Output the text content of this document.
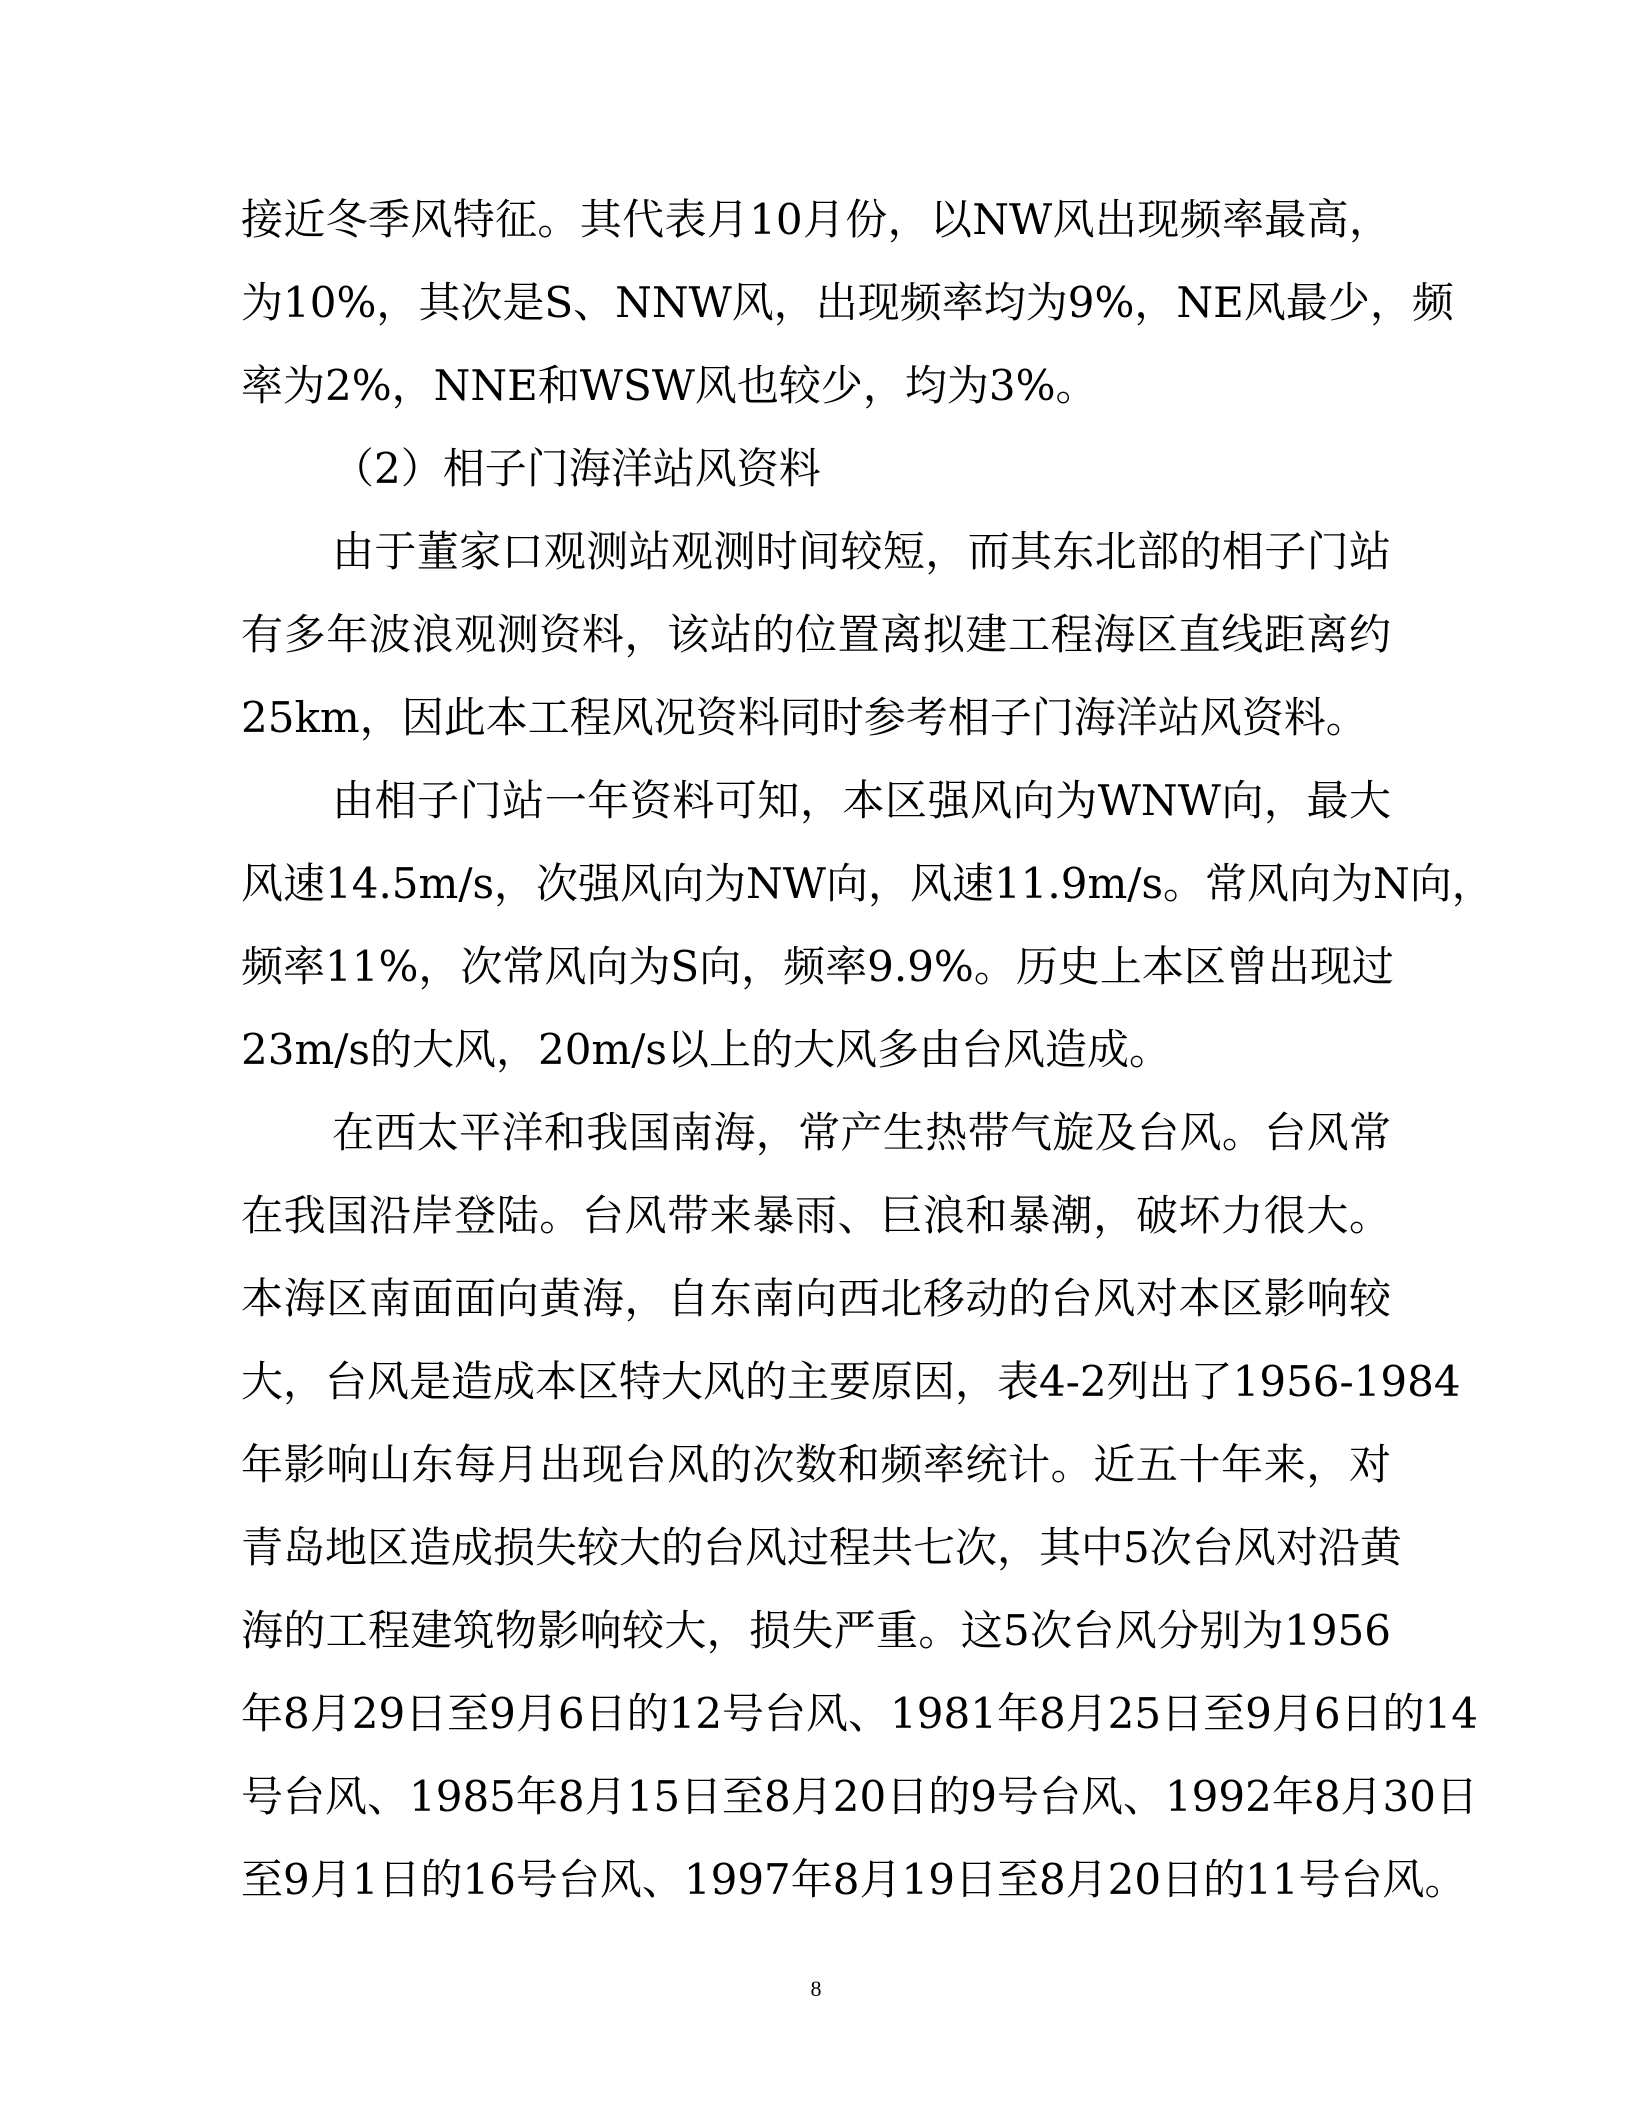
接近冬季风特征。其代表月10月份，以NW风出现频率最高，
为10%，其次是S、NNW风，出现频率均为9%，NE风最少，频
率为2%，NNE和WSW风也较少，均为3%。
（2）相子门海洋站风资料
由于董家口观测站观测时间较短，而其东北部的相子门站
有多年波浪观测资料，该站的位置离拟建工程海区直线距离约
25km，因此本工程风况资料同时参考相子门海洋站风资料。
由相子门站一年资料可知，本区强风向为WNW向，最大
风速14.5m/s，次强风向为NW向，风速11.9m/s。常风向为N向，
频率11%，次常风向为S向，频率9.9%。历史上本区曾出现过
23m/s的大风，20m/s以上的大风多由台风造成。
在西太平洋和我国南海，常产生热带气旋及台风。台风常
在我国沿岸登陆。台风带来暴雨、巨浪和暴潮，破坏力很大。
本海区南面面向黄海，自东南向西北移动的台风对本区影响较
大，台风是造成本区特大风的主要原因，表4-2列出了1956-1984
年影响山东每月出现台风的次数和频率统计。近五十年来，对
青岛地区造成损失较大的台风过程共七次，其中5次台风对沿黄
海的工程建筑物影响较大，损失严重。这5次台风分别为1956
年8月29日至9月6日的12号台风、1981年8月25日至9月6日的14
号台风、1985年8月15日至8月20日的9号台风、1992年8月30日
至9月1日的16号台风、1997年8月19日至8月20日的11号台风。
8
